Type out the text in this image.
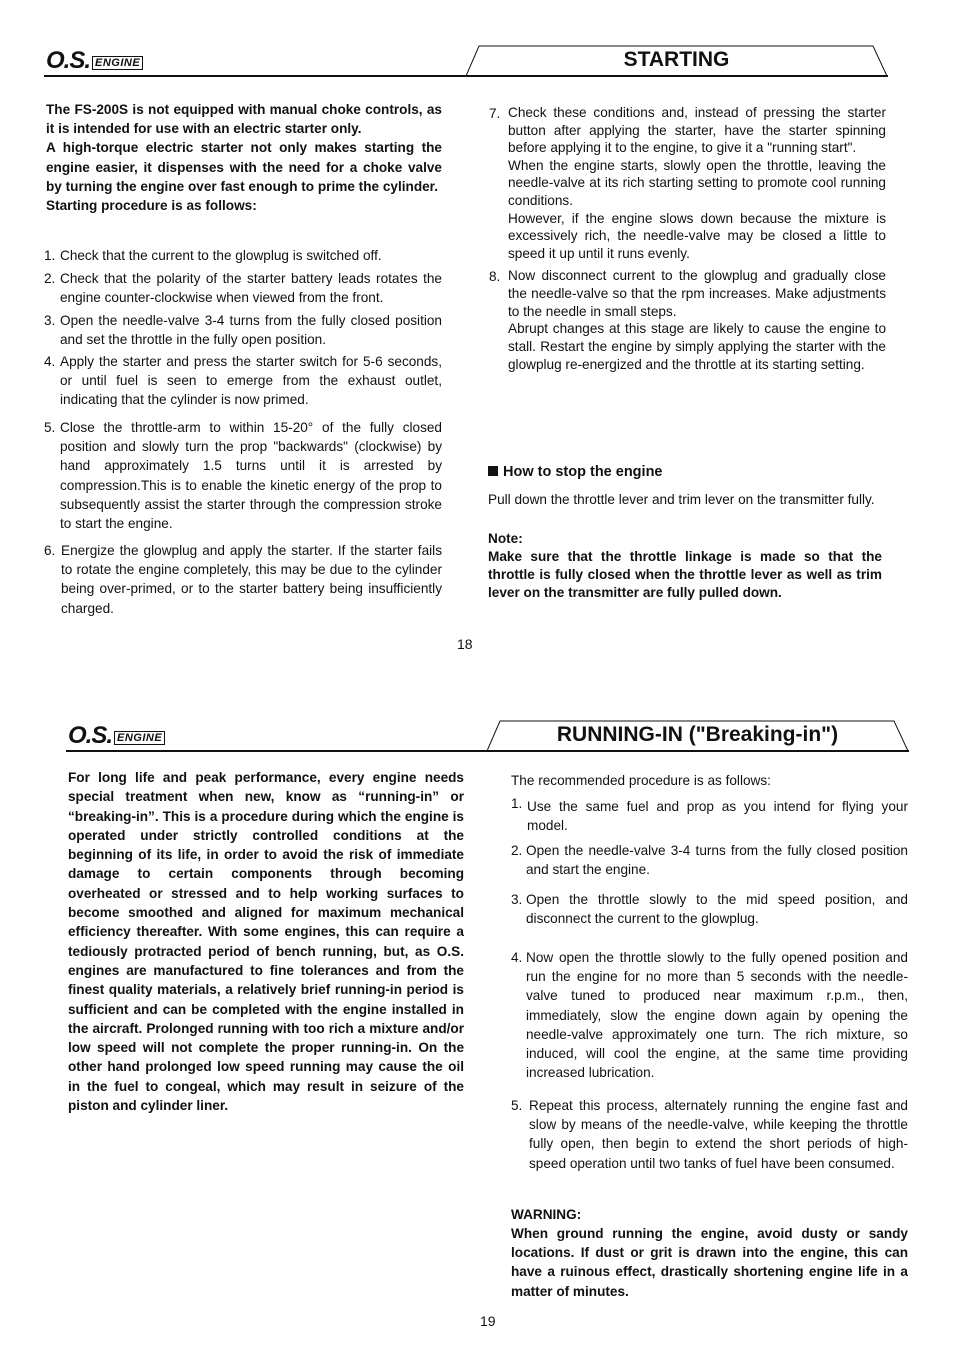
O.S. ENGINE	STARTING
The FS-200S is not equipped with manual choke controls, as it is intended for use with an electric starter only.
A high-torque electric starter not only makes starting the engine easier, it dispenses with the need for a choke valve by turning the engine over fast enough to prime the cylinder.
Starting procedure is as follows:
1. Check that the current to the glowplug is switched off.
2. Check that the polarity of the starter battery leads rotates the engine counter-clockwise when viewed from the front.
3. Open the needle-valve 3-4 turns from the fully closed position and set the throttle in the fully open position.
4. Apply the starter and press the starter switch for 5-6 seconds, or until fuel is seen to emerge from the exhaust outlet, indicating that the cylinder is now primed.
5. Close the throttle-arm to within 15-20° of the fully closed position and slowly turn the prop "backwards" (clockwise) by hand approximately 1.5 turns until it is arrested by compression.This is to enable the kinetic energy of the prop to subsequently assist the starter through the compression stroke to start the engine.
6. Energize the glowplug and apply the starter. If the starter fails to rotate the engine completely, this may be due to the cylinder being over-primed, or to the starter battery being insufficiently charged.
7. Check these conditions and, instead of pressing the starter button after applying the starter, have the starter spinning before applying it to the engine, to give it a "running start".
When the engine starts, slowly open the throttle, leaving the needle-valve at its rich starting setting to promote cool running conditions.
However, if the engine slows down because the mixture is excessively rich, the needle-valve may be closed a little to speed it up until it runs evenly.
8. Now disconnect current to the glowplug and gradually close the needle-valve so that the rpm increases. Make adjustments to the needle in small steps.
Abrupt changes at this stage are likely to cause the engine to stall. Restart the engine by simply applying the starter with the glowplug re-energized and the throttle at its starting setting.
How to stop the engine
Pull down the throttle lever and trim lever on the transmitter fully.
Note:
Make sure that the throttle linkage is made so that the throttle is fully closed when the throttle lever as well as trim lever on the transmitter are fully pulled down.
18
O.S. ENGINE	RUNNING-IN ("Breaking-in")
For long life and peak performance, every engine needs special treatment when new, know as “running-in” or “breaking-in”. This is a procedure during which the engine is operated under strictly controlled conditions at the beginning of its life, in order to avoid the risk of immediate damage to certain components through becoming overheated or stressed and to help working surfaces to become smoothed and aligned for maximum mechanical efficiency thereafter. With some engines, this can require a tediously protracted period of bench running, but, as O.S. engines are manufactured to fine tolerances and from the finest quality materials, a relatively brief running-in period is sufficient and can be completed with the engine installed in the aircraft. Prolonged running with too rich a mixture and/or low speed will not complete the proper running-in. On the other hand prolonged low speed running may cause the oil in the fuel to congeal, which may result in seizure of the piston and cylinder liner.
The recommended procedure is as follows:
1. Use the same fuel and prop as you intend for flying your model.
2. Open the needle-valve 3-4 turns from the fully closed position and start the engine.
3. Open the throttle slowly to the mid speed position, and disconnect the current to the glowplug.
4. Now open the throttle slowly to the fully opened position and run the engine for no more than 5 seconds with the needle-valve tuned to produced near maximum r.p.m., then, immediately, slow the engine down again by opening the needle-valve approximately one turn. The rich mixture, so induced, will cool the engine, at the same time providing increased lubrication.
5. Repeat this process, alternately running the engine fast and slow by means of the needle-valve, while keeping the throttle fully open, then begin to extend the short periods of high-speed operation until two tanks of fuel have been consumed.
WARNING:
When ground running the engine, avoid dusty or sandy locations. If dust or grit is drawn into the engine, this can have a ruinous effect, drastically shortening engine life in a matter of minutes.
19
